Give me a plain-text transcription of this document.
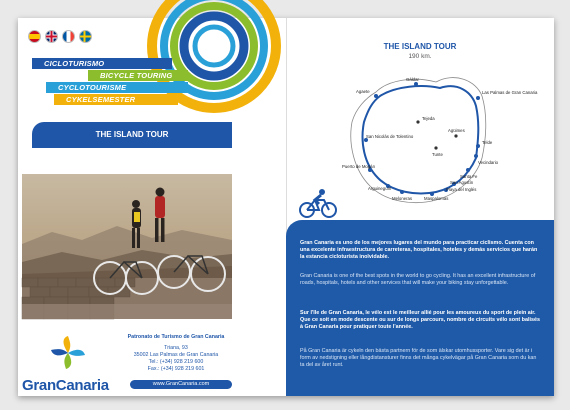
CICLOTURISMO
BICYCLE TOURING
CYCLOTOURISME
CYKELSEMESTER
THE ISLAND TOUR
GranCanaria
Patronato de Turismo de Gran Canaria
Triana, 93
35002 Las Palmas de Gran Canaria
Tel.: (+34) 928 219 600
Fax.: (+34) 928 219 601
www.GranCanaria.com
THE ISLAND TOUR
190 km.
Gáldar
Agaete	Las Palmas de Gran Canaria
Telde
San Nicolás de Tolentino
Tejeda
Agüimes
Tunte
Vecindario
Puerto de Mogán
Santa Fe
San Agustín
Playa del Inglés
Arguineguín
Meloneras	Maspalomas
Gran Canaria es uno de los mejores lugares del mundo para practicar ciclismo. Cuenta con una excelente infraestructura de carreteras, hospitales, hoteles y demás servicios que harán la estancia cicloturista inolvidable.
Gran Canaria is one of the best spots in the world to go cycling. It has an excellent infrastructure of roads, hospitals, hotels and other services that will make your biking stay unforgettable.
Sur l'île de Gran Canaria, le vélo est le meilleur allié pour les amoureux du sport de plein air. Que ce soit en mode descente ou sur de longs parcours, nombre de circuits vélo sont balisés à Gran Canaria pour pratiquer toute l'année.
På Gran Canaria är cykeln den bästa partnern för de som älskar utomhussporter. Vare sig det är i form av nedstigning eller långdistansturer finns det många cykelvägar på Gran Canaria som du kan ta del av året runt.
